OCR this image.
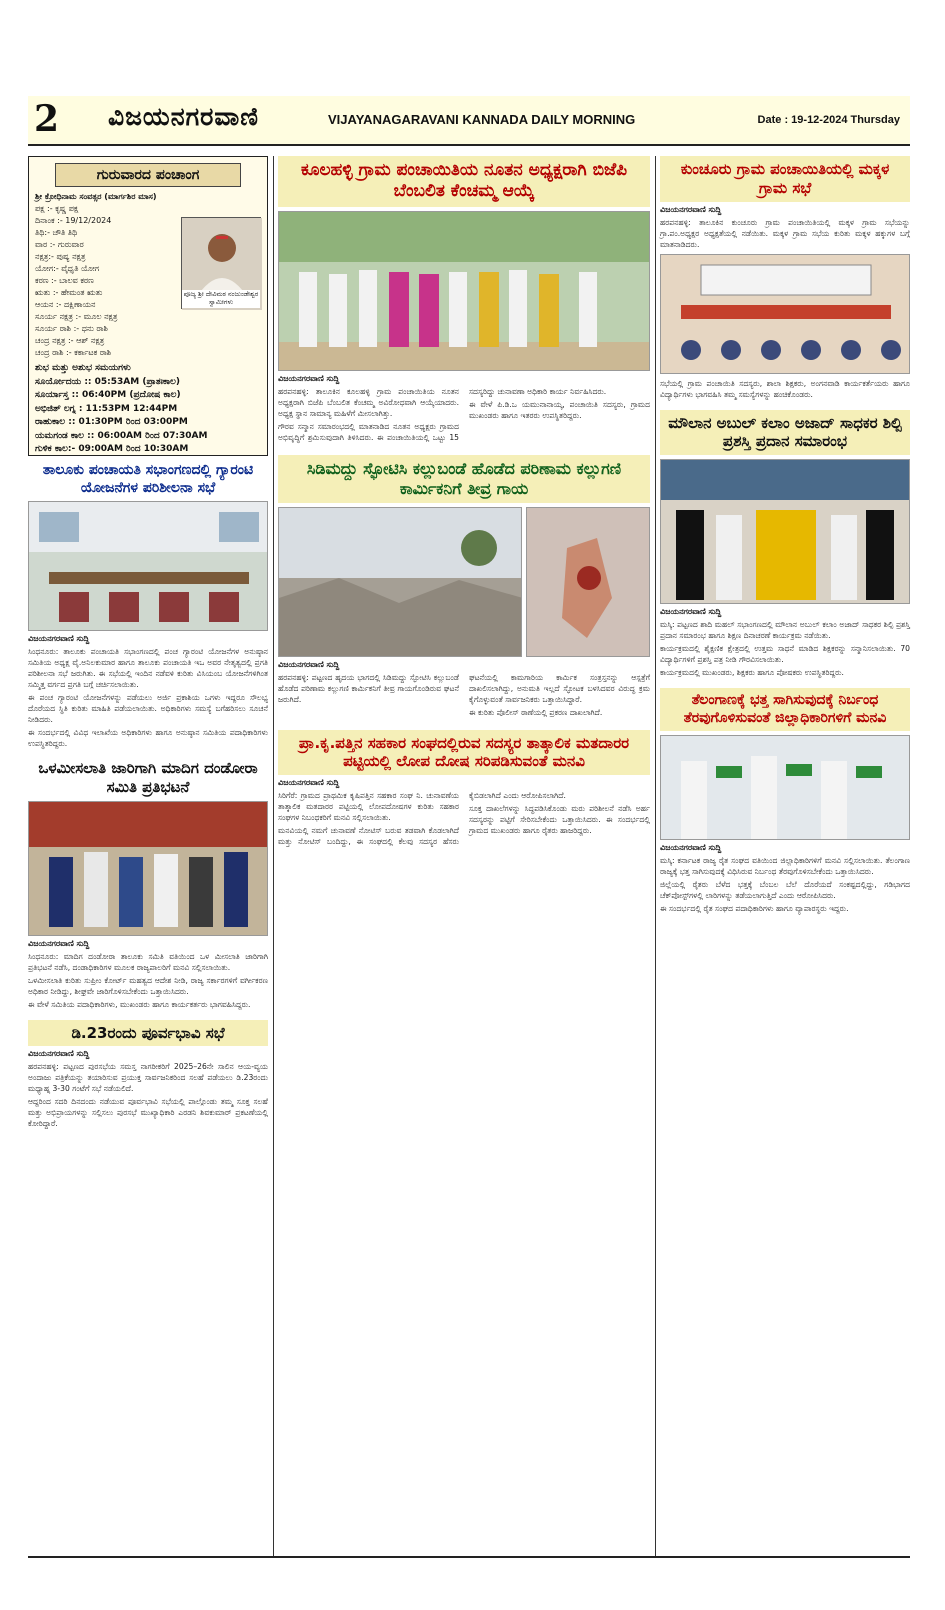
2 ವಿಜಯನಗರವಾಣಿ	VIJAYANAGARAVANI KANNADA DAILY MORNING	Date : 19-12-2024 Thursday
ಗುರುವಾರದ ಪಂಚಾಂಗ
ಶ್ರೀ ಕ್ರೋಧಿನಾಮ ಸಂವತ್ಸರ (ಮಾರ್ಗಶಿರ ಮಾಸ)
ಪಕ್ಷ :- ಕೃಷ್ಣ ಪಕ್ಷ
ದಿನಾಂಕ :- 19/12/2024
ತಿಥಿ:- ಚೌತಿ ತಿಥಿ
ವಾರ :- ಗುರುವಾರ
ನಕ್ಷತ್ರ:- ಪುಷ್ಯ ನಕ್ಷತ್ರ
ಯೋಗ:- ವೈಧೃತಿ ಯೋಗ
ಕರಣ :- ಬಾಲವ ಕರಣ
ಋತು :- ಹೇಮಂತ ಋತು
ಆಯನ :- ದಕ್ಷಿಣಾಯನ
ಸೂರ್ಯ ನಕ್ಷತ್ರ :- ಮೂಲ ನಕ್ಷತ್ರ
ಸೂರ್ಯ ರಾಶಿ :- ಧನು ರಾಶಿ
ಚಂದ್ರ ನಕ್ಷತ್ರ :- ಆಶ್ ನಕ್ಷತ್ರ
ಚಂದ್ರ ರಾಶಿ :- ಕರ್ಕಾಟಕ ರಾಶಿ
ಪೂಜ್ಯ ಶ್ರೀ ದೇವಿಮಠ ನಂಜುಂಡೇಶ್ವರ ಸ್ವಾಮೀಗಳು
ಶುಭ ಮತ್ತು ಅಶುಭ ಸಮಯಗಳು
ಸೂರ್ಯೋದಯ :: 05:53AM (ಪ್ರಾತಃಕಾಲ)
ಸೂರ್ಯಾಸ್ತ :: 06:40PM (ಪ್ರದೋಷ ಕಾಲ)
ಅಭಿಜಿತ್ ಲಗ್ನ : 11:53PM 12:44PM
ರಾಹುಕಾಲ :: 01:30PM ರಿಂದ 03:00PM
ಯಮಗಂಡ ಕಾಲ :: 06:00AM ರಿಂದ 07:30AM
ಗುಳಿಕ ಕಾಲ:- 09:00AM ರಿಂದ 10:30AM
ತಾಲೂಕು ಪಂಚಾಯತಿ ಸಭಾಂಗಣದಲ್ಲಿ ಗ್ಯಾರಂಟಿ ಯೋಜನೆಗಳ ಪರಿಶೀಲನಾ ಸಭೆ
ವಿಜಯನಗರವಾಣಿ ಸುದ್ದಿ

ಸಿಂಧನೂರು: ತಾಲೂಕು ಪಂಚಾಯತಿ ಸಭಾಂಗಣದಲ್ಲಿ ಪಂಚ ಗ್ಯಾರಂಟಿ ಯೋಜನೆಗಳ ಅನುಷ್ಠಾನ ಸಮಿತಿಯ ಅಧ್ಯಕ್ಷ ವೈ.ಅನಿಲಕುಮಾರ ಹಾಗೂ ತಾಲೂಕು ಪಂಚಾಯತಿ ಇಒ ಅವರ ನೇತೃತ್ವದಲ್ಲಿ ಪ್ರಗತಿ ಪರಿಶೀಲನಾ ಸಭೆ ಜರುಗಿತು. ಈ ಸಭೆಯಲ್ಲಿ ಇಂದಿನ ನಡೆವಳಿ ಕುರಿತು ವಿಸಿಯಂಬ ಯೋಜನೆಗಳಿಗಿಂತ ಸಮ್ಮಿತ್ತ ವರ್ಗದ ಪ್ರಗತಿ ಬಗ್ಗೆ ಚರ್ಚಿಸಲಾಯಿತು.

ಈ ಪಂಚ ಗ್ಯಾರಂಟಿ ಯೋಜನೆಗಳನ್ನು ಪಡೆಯಲು ಅರ್ಜಿ ಪ್ರಕಾಶಿಯ ಒಗಳು ಇದ್ದರೂ ಸೌಲಭ್ಯ ದೊರೆಯದ ಸ್ಥಿತಿ ಕುರಿತು ಮಾಹಿತಿ ಪಡೆಯಲಾಯಿತು. ಅಧಿಕಾರಿಗಳು ಸಮಸ್ಯೆ ಬಗೆಹರಿಸಲು ಸೂಚನೆ ನೀಡಿದರು.

ಈ ಸಂದರ್ಭದಲ್ಲಿ ವಿವಿಧ ಇಲಾಖೆಯ ಅಧಿಕಾರಿಗಳು ಹಾಗೂ ಅನುಷ್ಠಾನ ಸಮಿತಿಯ ಪದಾಧಿಕಾರಿಗಳು ಉಪಸ್ಥಿತರಿದ್ದರು.

ಒಳಮೀಸಲಾತಿ ಜಾರಿಗಾಗಿ ಮಾದಿಗ ದಂಡೋರಾ ಸಮಿತಿ ಪ್ರತಿಭಟನೆ
ವಿಜಯನಗರವಾಣಿ ಸುದ್ದಿ

ಸಿಂಧನೂರು: ಮಾದಿಗ ದಂಡೋರಾ ತಾಲೂಕು ಸಮಿತಿ ವತಿಯಿಂದ ಒಳ ಮೀಸಲಾತಿ ಜಾರಿಗಾಗಿ ಪ್ರತಿಭಟನೆ ನಡೆಸಿ, ದಂಡಾಧಿಕಾರಿಗಳ ಮೂಲಕ ರಾಜ್ಯಪಾಲರಿಗೆ ಮನವಿ ಸಲ್ಲಿಸಲಾಯಿತು.

ಒಳಮೀಸಲಾತಿ ಕುರಿತು ಸುಪ್ರೀಂ ಕೋರ್ಟ್ ಮಹತ್ವದ ಆದೇಶ ನೀಡಿ, ರಾಜ್ಯ ಸರ್ಕಾರಗಳಿಗೆ ವರ್ಗೀಕರಣ ಅಧಿಕಾರ ನೀಡಿದ್ದು, ಶೀಘ್ರವೇ ಜಾರಿಗೊಳಿಸಬೇಕೆಂದು ಒತ್ತಾಯಿಸಿದರು.

ಈ ವೇಳೆ ಸಮಿತಿಯ ಪದಾಧಿಕಾರಿಗಳು, ಮುಖಂಡರು ಹಾಗೂ ಕಾರ್ಯಕರ್ತರು ಭಾಗವಹಿಸಿದ್ದರು.

ಡಿ.23ರಂದು ಪೂರ್ವಭಾವಿ ಸಭೆ
ವಿಜಯನಗರವಾಣಿ ಸುದ್ದಿ

ಹರಪನಹಳ್ಳಿ: ಪಟ್ಟಣದ ಪುರಸಭೆಯ ಸಮಸ್ತ ನಾಗರೀಕರಿಗೆ 2025–26ನೇ ಸಾಲಿನ ಆಯ-ವ್ಯಯ ಅಂದಾಜು ಪತ್ರಿಕೆಯನ್ನು ತಯಾರಿಸುವ ಪ್ರಯುಕ್ತ ಸಾರ್ವಜನಿಕರಿಂದ ಸಲಹೆ ಪಡೆಯಲು ಡಿ.23ರಂದು ಮಧ್ಯಾಹ್ನ 3-30 ಗಂಟೆಗೆ ಸಭೆ ನಡೆಯಲಿದೆ.

ಆದ್ದರಿಂದ ಸದರಿ ದಿನದಂದು ನಡೆಯುವ ಪೂರ್ವಭಾವಿ ಸಭೆಯಲ್ಲಿ ಪಾಲ್ಗೊಂಡು ತಮ್ಮ ಸೂಕ್ತ ಸಲಹೆ ಮತ್ತು ಅಭಿಪ್ರಾಯಗಳನ್ನು ಸಲ್ಲಿಸಲು ಪುರಸಭೆ ಮುಖ್ಯಾಧಿಕಾರಿ ಎರಡನಿ ಶಿವಕುಮಾರ್ ಪ್ರಕಟಣೆಯಲ್ಲಿ ಕೋರಿದ್ದಾರೆ.

ಕೂಲಹಳ್ಳಿ ಗ್ರಾಮ ಪಂಚಾಯಿತಿಯ ನೂತನ ಅಧ್ಯಕ್ಷರಾಗಿ ಬಿಜೆಪಿ ಬೆಂಬಲಿತ ಕೆಂಚಮ್ಮ ಆಯ್ಕೆ
ವಿಜಯನಗರವಾಣಿ ಸುದ್ದಿ

ಹರಪನಹಳ್ಳಿ: ತಾಲೂಕಿನ ಕೂಲಹಳ್ಳಿ ಗ್ರಾಮ ಪಂಚಾಯಿತಿಯ ನೂತನ ಅಧ್ಯಕ್ಷರಾಗಿ ಬಿಜೆಪಿ ಬೆಂಬಲಿತ ಕೆಂಚಮ್ಮ ಅವಿರೋಧವಾಗಿ ಆಯ್ಕೆಯಾದರು. ಅಧ್ಯಕ್ಷ ಸ್ಥಾನ ಸಾಮಾನ್ಯ ಮಹಿಳೆಗೆ ಮೀಸಲಾಗಿತ್ತು.

ಗೌರವ ಸನ್ಮಾನ ಸಮಾರಂಭದಲ್ಲಿ ಮಾತನಾಡಿದ ನೂತನ ಅಧ್ಯಕ್ಷರು ಗ್ರಾಮದ ಅಭಿವೃದ್ಧಿಗೆ ಶ್ರಮಿಸುವುದಾಗಿ ತಿಳಿಸಿದರು. ಈ ಪಂಚಾಯಿತಿಯಲ್ಲಿ ಒಟ್ಟು 15 ಸದಸ್ಯರಿದ್ದು ಚುನಾವಣಾ ಅಧಿಕಾರಿ ಕಾರ್ಯ ನಿರ್ವಹಿಸಿದರು.

ಈ ವೇಳೆ ಪಿ.ಡಿ.ಒ ಯಮುನಾನಾಯ್ಕ, ಪಂಚಾಯಿತಿ ಸದಸ್ಯರು, ಗ್ರಾಮದ ಮುಖಂಡರು ಹಾಗೂ ಇತರರು ಉಪಸ್ಥಿತರಿದ್ದರು.

ಸಿಡಿಮದ್ದು ಸ್ಫೋಟಿಸಿ ಕಲ್ಲುಬಂಡೆ ಹೊಡೆದ ಪರಿಣಾಮ ಕಲ್ಲುಗಣಿ ಕಾರ್ಮಿಕನಿಗೆ ತೀವ್ರ ಗಾಯ
ವಿಜಯನಗರವಾಣಿ ಸುದ್ದಿ

ಹರಪನಹಳ್ಳಿ: ಪಟ್ಟಣದ ಹೃದಯ ಭಾಗದಲ್ಲಿ ಸಿಡಿಮದ್ದು ಸ್ಫೋಟಿಸಿ ಕಲ್ಲುಬಂಡೆ ಹೊಡೆದ ಪರಿಣಾಮ ಕಲ್ಲುಗಣಿ ಕಾರ್ಮಿಕನಿಗೆ ತೀವ್ರ ಗಾಯಗೊಂಡಿರುವ ಘಟನೆ ಜರುಗಿದೆ.

ಘಟನೆಯಲ್ಲಿ ಕಾಮಗಾರಿಯ ಕಾರ್ಮಿಕ ಸಂತ್ರಸ್ತನನ್ನು ಆಸ್ಪತ್ರೆಗೆ ದಾಖಲಿಸಲಾಗಿದ್ದು, ಅನುಮತಿ ಇಲ್ಲದೆ ಸ್ಫೋಟಕ ಬಳಸಿದವರ ವಿರುದ್ಧ ಕ್ರಮ ಕೈಗೊಳ್ಳುವಂತೆ ಸಾರ್ವಜನಿಕರು ಒತ್ತಾಯಿಸಿದ್ದಾರೆ.

ಈ ಕುರಿತು ಪೊಲೀಸ್ ಠಾಣೆಯಲ್ಲಿ ಪ್ರಕರಣ ದಾಖಲಾಗಿದೆ.

ಪ್ರಾ.ಕೃ.ಪತ್ತಿನ ಸಹಕಾರ ಸಂಘದಲ್ಲಿರುವ ಸದಸ್ಯರ ತಾತ್ಕಾಲಿಕ ಮತದಾರರ ಪಟ್ಟಿಯಲ್ಲಿ ಲೋಪ ದೋಷ ಸರಿಪಡಿಸುವಂತೆ ಮನವಿ
ವಿಜಯನಗರವಾಣಿ ಸುದ್ದಿ

ಸಿರಿಗೆರೆ: ಗ್ರಾಮದ ಪ್ರಾಥಮಿಕ ಕೃಷಿಪತ್ತಿನ ಸಹಕಾರ ಸಂಘ ನಿ. ಚುನಾವಣೆಯ ತಾತ್ಕಾಲಿಕ ಮತದಾರರ ಪಟ್ಟಿಯಲ್ಲಿ ಲೋಪದೋಷಗಳ ಕುರಿತು ಸಹಕಾರ ಸಂಘಗಳ ನಿಬಂಧಕರಿಗೆ ಮನವಿ ಸಲ್ಲಿಸಲಾಯಿತು.

ಮನವಿಯಲ್ಲಿ ನಮಗೆ ಚುನಾವಣೆ ನೋಟಿಸ್ ಬರುವ ತಡವಾಗಿ ಕೊಡಲಾಗಿದೆ ಮತ್ತು ನೋಟಿಸ್ ಬಂದಿದ್ದು, ಈ ಸಂಘದಲ್ಲಿ ಕೆಲವು ಸದಸ್ಯರ ಹೆಸರು ಕೈಬಿಡಲಾಗಿದೆ ಎಂದು ಆರೋಪಿಸಲಾಗಿದೆ.

ಸೂಕ್ತ ದಾಖಲೆಗಳನ್ನು ಸಿದ್ಧಪಡಿಸಿಕೊಂಡು ಮರು ಪರಿಶೀಲನೆ ನಡೆಸಿ ಅರ್ಹ ಸದಸ್ಯರನ್ನು ಪಟ್ಟಿಗೆ ಸೇರಿಸಬೇಕೆಂದು ಒತ್ತಾಯಿಸಿದರು. ಈ ಸಂದರ್ಭದಲ್ಲಿ ಗ್ರಾಮದ ಮುಖಂಡರು ಹಾಗೂ ರೈತರು ಹಾಜರಿದ್ದರು.

ಕುಂಚೂರು ಗ್ರಾಮ ಪಂಚಾಯಿತಿಯಲ್ಲಿ ಮಕ್ಕಳ ಗ್ರಾಮ ಸಭೆ
ವಿಜಯನಗರವಾಣಿ ಸುದ್ದಿ

ಹರಪನಹಳ್ಳಿ: ತಾಲೂಕಿನ ಕುಂಚೂರು ಗ್ರಾಮ ಪಂಚಾಯಿತಿಯಲ್ಲಿ ಮಕ್ಕಳ ಗ್ರಾಮ ಸಭೆಯನ್ನು ಗ್ರಾ.ಪಂ.ಅಧ್ಯಕ್ಷರ ಅಧ್ಯಕ್ಷತೆಯಲ್ಲಿ ನಡೆಯಿತು. ಮಕ್ಕಳ ಗ್ರಾಮ ಸಭೆಯ ಕುರಿತು ಮಕ್ಕಳ ಹಕ್ಕುಗಳ ಬಗ್ಗೆ ಮಾತನಾಡಿದರು.

ಸಭೆಯಲ್ಲಿ ಗ್ರಾಮ ಪಂಚಾಯಿತಿ ಸದಸ್ಯರು, ಶಾಲಾ ಶಿಕ್ಷಕರು, ಅಂಗನವಾಡಿ ಕಾರ್ಯಕರ್ತೆಯರು ಹಾಗೂ ವಿದ್ಯಾರ್ಥಿಗಳು ಭಾಗವಹಿಸಿ ತಮ್ಮ ಸಮಸ್ಯೆಗಳನ್ನು ಹಂಚಿಕೊಂಡರು.

ಮೌಲಾನ ಅಬುಲ್ ಕಲಾಂ ಅಜಾದ್ ಸಾಧಕರ ಶಿಲ್ಪಿ ಪ್ರಶಸ್ತಿ ಪ್ರದಾನ ಸಮಾರಂಭ
ವಿಜಯನಗರವಾಣಿ ಸುದ್ದಿ

ಮಸ್ಕಿ: ಪಟ್ಟಣದ ಶಾದಿ ಮಹಲ್ ಸಭಾಂಗಣದಲ್ಲಿ ಮೌಲಾನ ಅಬುಲ್ ಕಲಾಂ ಅಜಾದ್ ಸಾಧಕರ ಶಿಲ್ಪಿ ಪ್ರಶಸ್ತಿ ಪ್ರದಾನ ಸಮಾರಂಭ ಹಾಗೂ ಶಿಕ್ಷಣ ದಿನಾಚರಣೆ ಕಾರ್ಯಕ್ರಮ ನಡೆಯಿತು.

ಕಾರ್ಯಕ್ರಮದಲ್ಲಿ ಶೈಕ್ಷಣಿಕ ಕ್ಷೇತ್ರದಲ್ಲಿ ಉತ್ತಮ ಸಾಧನೆ ಮಾಡಿದ ಶಿಕ್ಷಕರನ್ನು ಸನ್ಮಾನಿಸಲಾಯಿತು. 70 ವಿದ್ಯಾರ್ಥಿಗಳಿಗೆ ಪ್ರಶಸ್ತಿ ಪತ್ರ ನೀಡಿ ಗೌರವಿಸಲಾಯಿತು.

ಕಾರ್ಯಕ್ರಮದಲ್ಲಿ ಮುಖಂಡರು, ಶಿಕ್ಷಕರು ಹಾಗೂ ಪೋಷಕರು ಉಪಸ್ಥಿತರಿದ್ದರು.

ತೆಲಂಗಾಣಕ್ಕೆ ಭತ್ತ ಸಾಗಿಸುವುದಕ್ಕೆ ನಿರ್ಬಂಧ ತೆರವುಗೊಳಿಸುವಂತೆ ಜಿಲ್ಲಾಧಿಕಾರಿಗಳಿಗೆ ಮನವಿ
ವಿಜಯನಗರವಾಣಿ ಸುದ್ದಿ

ಮಸ್ಕಿ: ಕರ್ನಾಟಕ ರಾಜ್ಯ ರೈತ ಸಂಘದ ವತಿಯಿಂದ ಜಿಲ್ಲಾಧಿಕಾರಿಗಳಿಗೆ ಮನವಿ ಸಲ್ಲಿಸಲಾಯಿತು. ತೆಲಂಗಾಣ ರಾಜ್ಯಕ್ಕೆ ಭತ್ತ ಸಾಗಿಸುವುದಕ್ಕೆ ವಿಧಿಸಿರುವ ನಿರ್ಬಂಧ ತೆರವುಗೊಳಿಸಬೇಕೆಂದು ಒತ್ತಾಯಿಸಿದರು.

ಜಿಲ್ಲೆಯಲ್ಲಿ ರೈತರು ಬೆಳೆದ ಭತ್ತಕ್ಕೆ ಬೆಂಬಲ ಬೆಲೆ ದೊರೆಯದೆ ಸಂಕಷ್ಟದಲ್ಲಿದ್ದು, ಗಡಿಭಾಗದ ಚೆಕ್‌ಪೋಸ್ಟ್‌ಗಳಲ್ಲಿ ಲಾರಿಗಳನ್ನು ತಡೆಯಲಾಗುತ್ತಿದೆ ಎಂದು ಆರೋಪಿಸಿದರು.

ಈ ಸಂದರ್ಭದಲ್ಲಿ ರೈತ ಸಂಘದ ಪದಾಧಿಕಾರಿಗಳು ಹಾಗೂ ವ್ಯಾಪಾರಸ್ಥರು ಇದ್ದರು.
